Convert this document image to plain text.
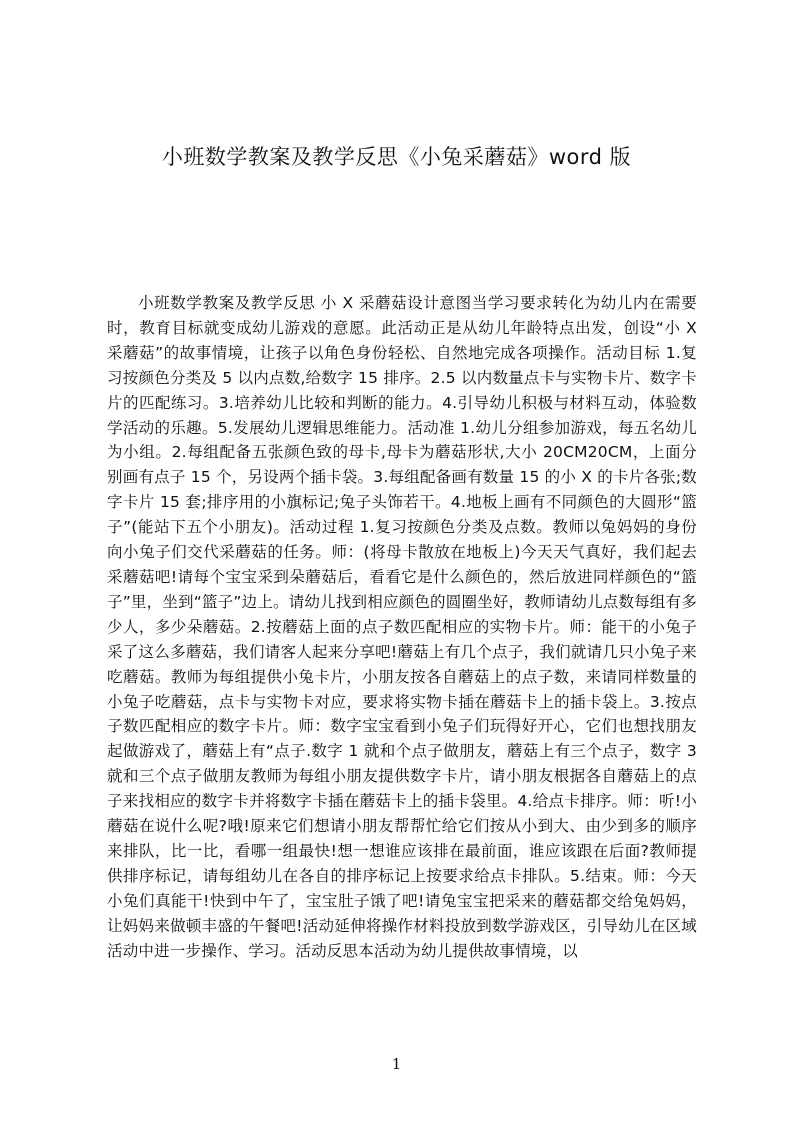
小班数学教案及教学反思《小兔采蘑菇》word 版

小班数学教案及教学反思 小 X 采蘑菇设计意图当学习要求转化为幼儿内在需要时，教育目标就变成幼儿游戏的意愿。此活动正是从幼儿年龄特点出发，创设“小 X 采蘑菇”的故事情境，让孩子以角色身份轻松、自然地完成各项操作。活动目标 1.复习按颜色分类及 5 以内点数,给数字 15 排序。2.5 以内数量点卡与实物卡片、数字卡片的匹配练习。3.培养幼儿比较和判断的能力。4.引导幼儿积极与材料互动，体验数学活动的乐趣。5.发展幼儿逻辑思维能力。活动准 1.幼儿分组参加游戏，每五名幼儿为小组。2.每组配备五张颜色致的母卡,母卡为蘑菇形状,大小 20CM20CM，上面分别画有点子 15 个，另设两个插卡袋。3.每组配备画有数量 15 的小 X 的卡片各张;数字卡片 15 套;排序用的小旗标记;兔子头饰若干。4.地板上画有不同颜色的大圆形“篮子”(能站下五个小朋友)。活动过程 1.复习按颜色分类及点数。教师以兔妈妈的身份向小兔子们交代采蘑菇的任务。师：(将母卡散放在地板上)今天天气真好，我们起去采蘑菇吧!请每个宝宝采到朵蘑菇后，看看它是什么颜色的，然后放进同样颜色的“篮子”里，坐到“篮子”边上。请幼儿找到相应颜色的圆圈坐好，教师请幼儿点数每组有多少人，多少朵蘑菇。2.按蘑菇上面的点子数匹配相应的实物卡片。师：能干的小兔子采了这么多蘑菇，我们请客人起来分享吧!蘑菇上有几个点子，我们就请几只小兔子来吃蘑菇。教师为每组提供小兔卡片，小朋友按各自蘑菇上的点子数，来请同样数量的小兔子吃蘑菇，点卡与实物卡对应，要求将实物卡插在蘑菇卡上的插卡袋上。3.按点子数匹配相应的数字卡片。师：数字宝宝看到小兔子们玩得好开心，它们也想找朋友起做游戏了，蘑菇上有“点子.数字 1 就和个点子做朋友，蘑菇上有三个点子，数字 3 就和三个点子做朋友教师为每组小朋友提供数字卡片，请小朋友根据各自蘑菇上的点子来找相应的数字卡并将数字卡插在蘑菇卡上的插卡袋里。4.给点卡排序。师：听!小蘑菇在说什么呢?哦!原来它们想请小朋友帮帮忙给它们按从小到大、由少到多的顺序来排队，比一比，看哪一组最快!想一想谁应该排在最前面，谁应该跟在后面?教师提供排序标记，请每组幼儿在各自的排序标记上按要求给点卡排队。5.结束。师：今天小兔们真能干!快到中午了，宝宝肚子饿了吧!请兔宝宝把采来的蘑菇都交给兔妈妈，让妈妈来做顿丰盛的午餐吧!活动延伸将操作材料投放到数学游戏区，引导幼儿在区域活动中进一步操作、学习。活动反思本活动为幼儿提供故事情境，以

1
